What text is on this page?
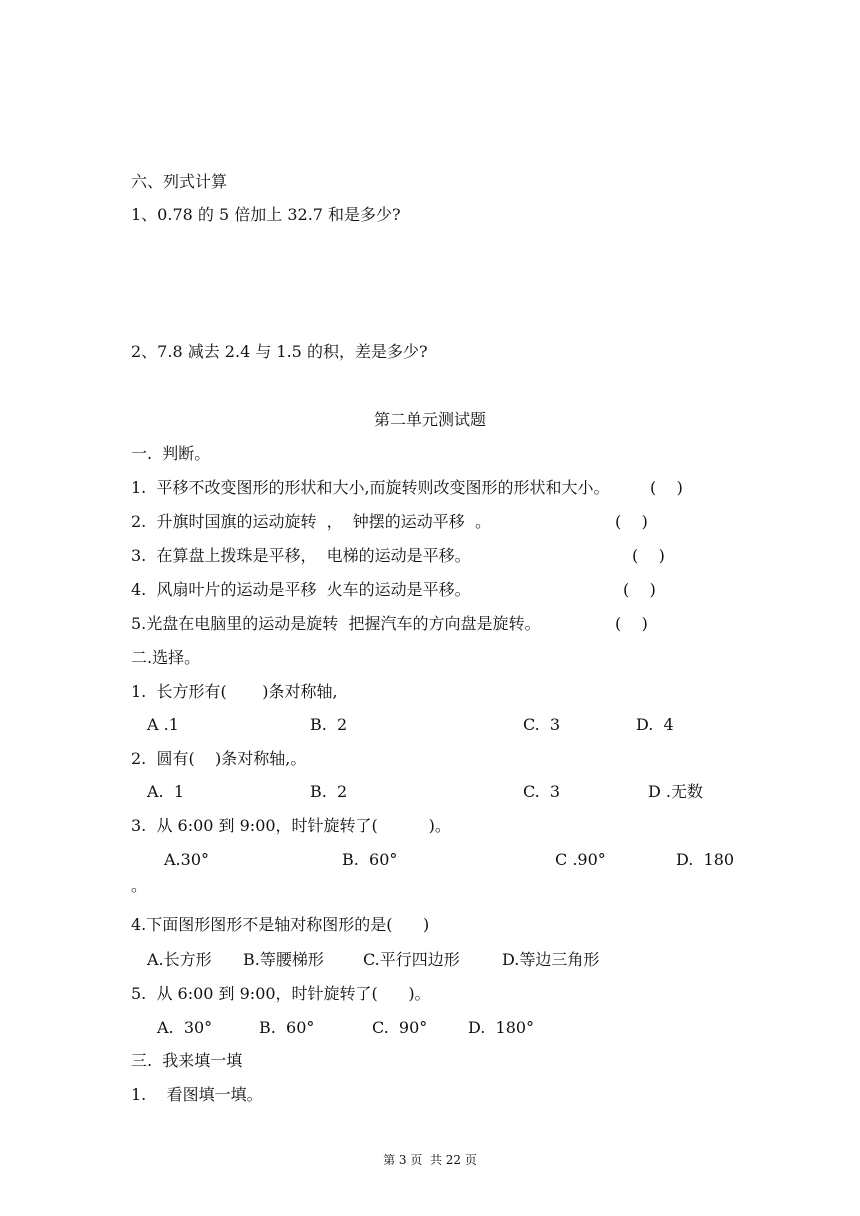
六、列式计算
1、0.78 的 5 倍加上 32.7 和是多少?
2、7.8 减去 2.4 与 1.5 的积，差是多少?
第二单元测试题
一.  判断。
1.  平移不改变图形的形状和大小,而旋转则改变图形的形状和大小。	(    )
2.  升旗时国旗的运动旋转  ，  钟摆的运动平移  。	(    )
3.  在算盘上拨珠是平移，  电梯的运动是平移。	(    )
4.  风扇叶片的运动是平移  火车的运动是平移。	(    )
5.光盘在电脑里的运动是旋转  把握汽车的方向盘是旋转。	(    )
二.选择。
1.  长方形有(       )条对称轴,
A .1	B.  2	C.  3	D.  4
2.  圆有(    )条对称轴,。
A.  1	B.  2	C.  3	D .无数
3.  从 6:00 到 9:00，时针旋转了(          )。
A.30°	B.  60°	C .90°	D.  180
。
4.下面图形图形不是轴对称图形的是(      )
A.长方形 B.等腰梯形 C.平行四边形	D.等边三角形
5.  从 6:00 到 9:00，时针旋转了(      )。
A.  30°	B.  60°	C.  90°	D.  180°
三.  我来填一填
1.    看图填一填。
第 3 页  共 22 页
